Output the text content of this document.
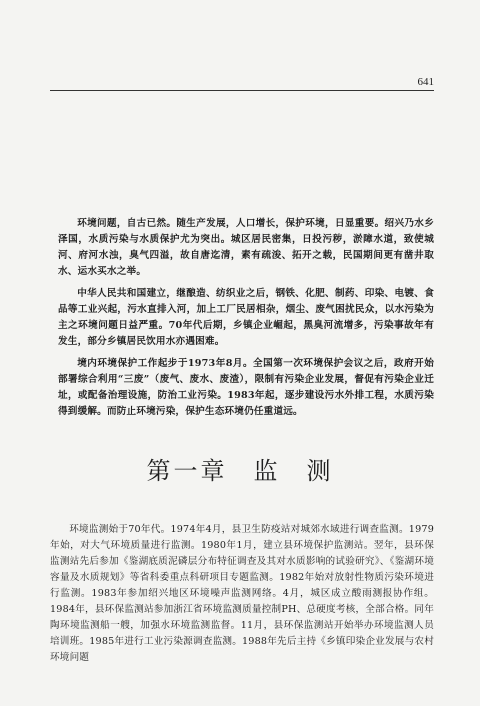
641

环境问题，自古已然。随生产发展，人口增长，保护环境，日显重要。绍兴乃水乡泽国，水质污染与水质保护尤为突出。城区居民密集，日投污秽，淤障水道，致使城河、府河水浊，臭气四溢，故自唐迄清，素有疏浚、拓开之载，民国期间更有凿井取水、运水买水之举。

中华人民共和国建立，继酿造、纺织业之后，钢铁、化肥、制药、印染、电镀、食品等工业兴起，污水直排入河，加上工厂民居相杂，烟尘、废气困扰民众，以水污染为主之环境问题日益严重。70年代后期，乡镇企业崛起，黑臭河流增多，污染事故年有发生，部分乡镇居民饮用水亦遇困难。

境内环境保护工作起步于1973年8月。全国第一次环境保护会议之后，政府开始部署综合利用“三废”（废气、废水、废渣），限制有污染企业发展，督促有污染企业迁址，或配备治理设施，防治工业污染。1983年起，逐步建设污水外排工程，水质污染得到缓解。而防止环境污染，保护生态环境仍任重道远。

第一章 监 测

环境监测始于70年代。1974年4月，县卫生防疫站对城郊水域进行调查监测。1979年始，对大气环境质量进行监测。1980年1月，建立县环境保护监测站。翌年，县环保监测站先后参加《鉴湖底质泥磷层分布特征调查及其对水质影响的试验研究》、《鉴湖环境容量及水质规划》等省科委重点科研项目专题监测。1982年始对放射性物质污染环境进行监测。1983年参加绍兴地区环境噪声监测网络。4月，城区成立酸雨测报协作组。1984年，县环保监测站参加浙江省环境监测质量控制PH、总硬度考核，全部合格。同年陶环境监测船一艘，加强水环境监测监督。11月，县环保监测站开始举办环境监测人员培训班。1985年进行工业污染源调查监测。1988年先后主持《乡镇印染企业发展与农村环境问题
